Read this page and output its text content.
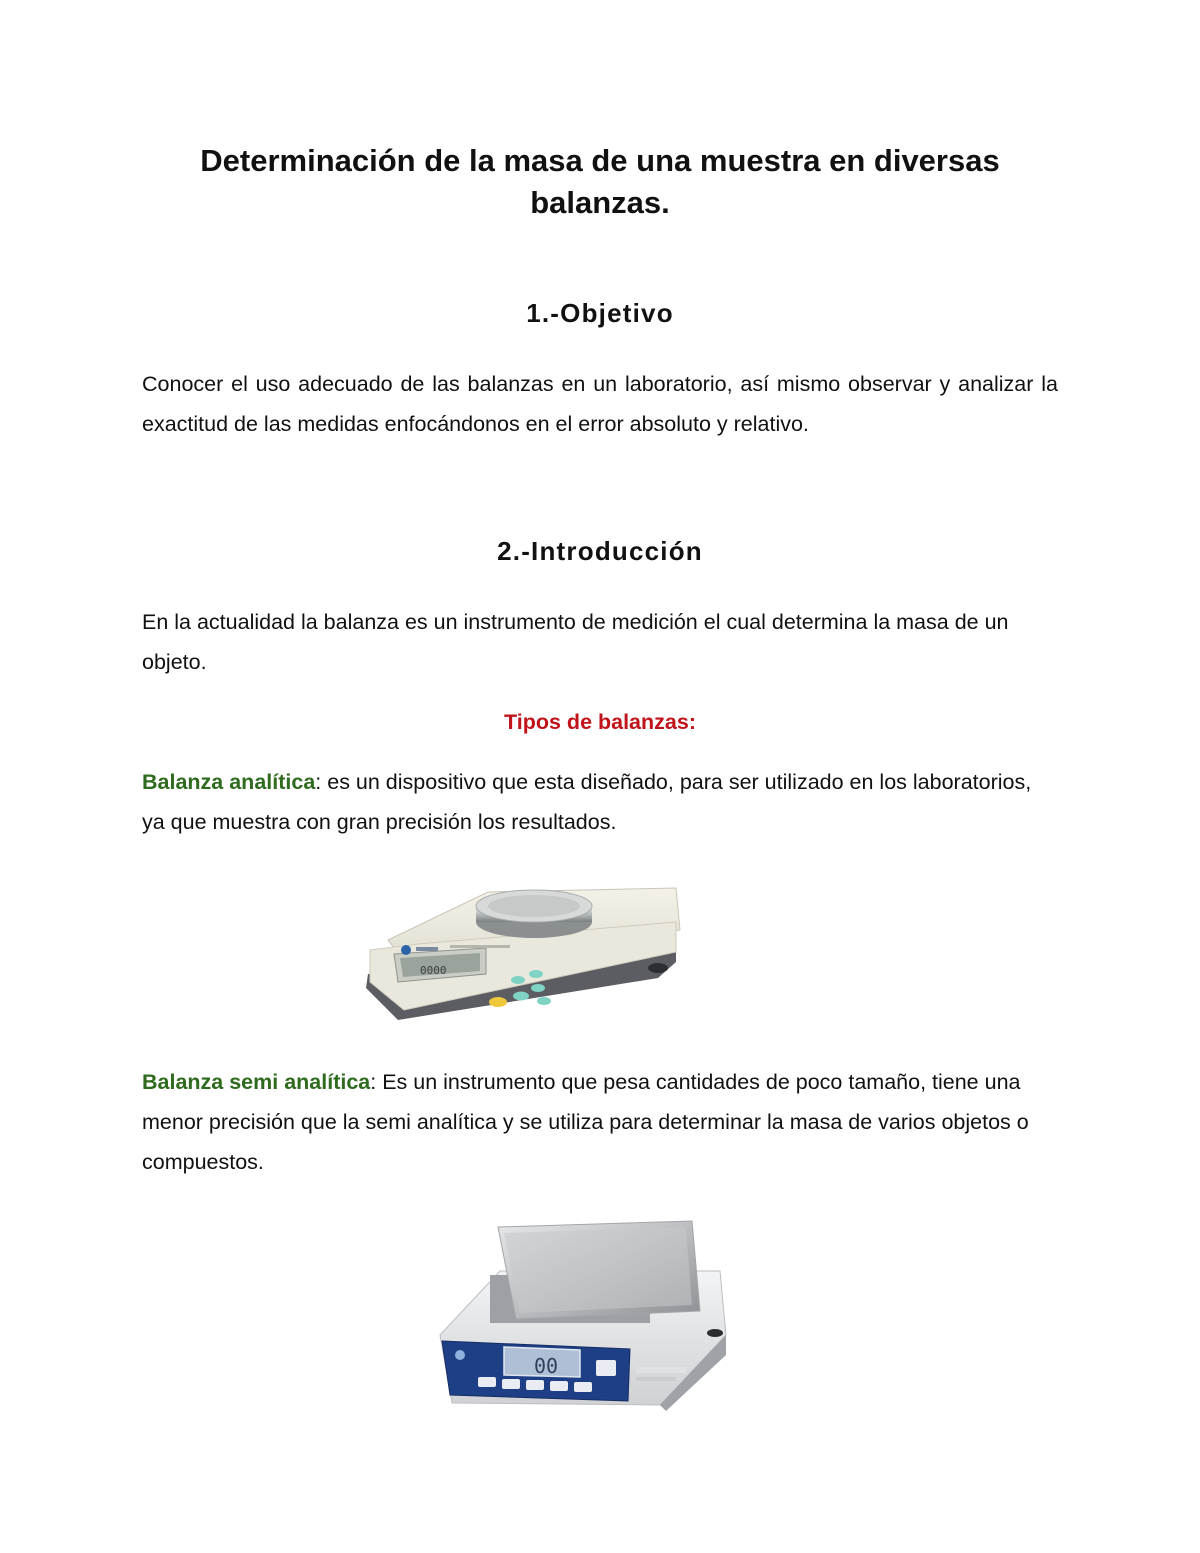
Determinación de la masa de una muestra en diversas balanzas.
1.-Objetivo

Conocer el uso adecuado de las balanzas en un laboratorio, así mismo observar y analizar la exactitud de las medidas enfocándonos en el error absoluto y relativo.

2.-Introducción

En la actualidad la balanza es un instrumento de medición el cual determina la masa de un objeto.

Tipos de balanzas:

Balanza analítica: es un dispositivo que esta diseñado, para ser utilizado en los laboratorios, ya que muestra con gran precisión los resultados.

0000

Balanza semi analítica: Es un instrumento que pesa cantidades de poco tamaño, tiene una menor precisión que la semi analítica y se utiliza para determinar la masa de varios objetos o compuestos.

00
